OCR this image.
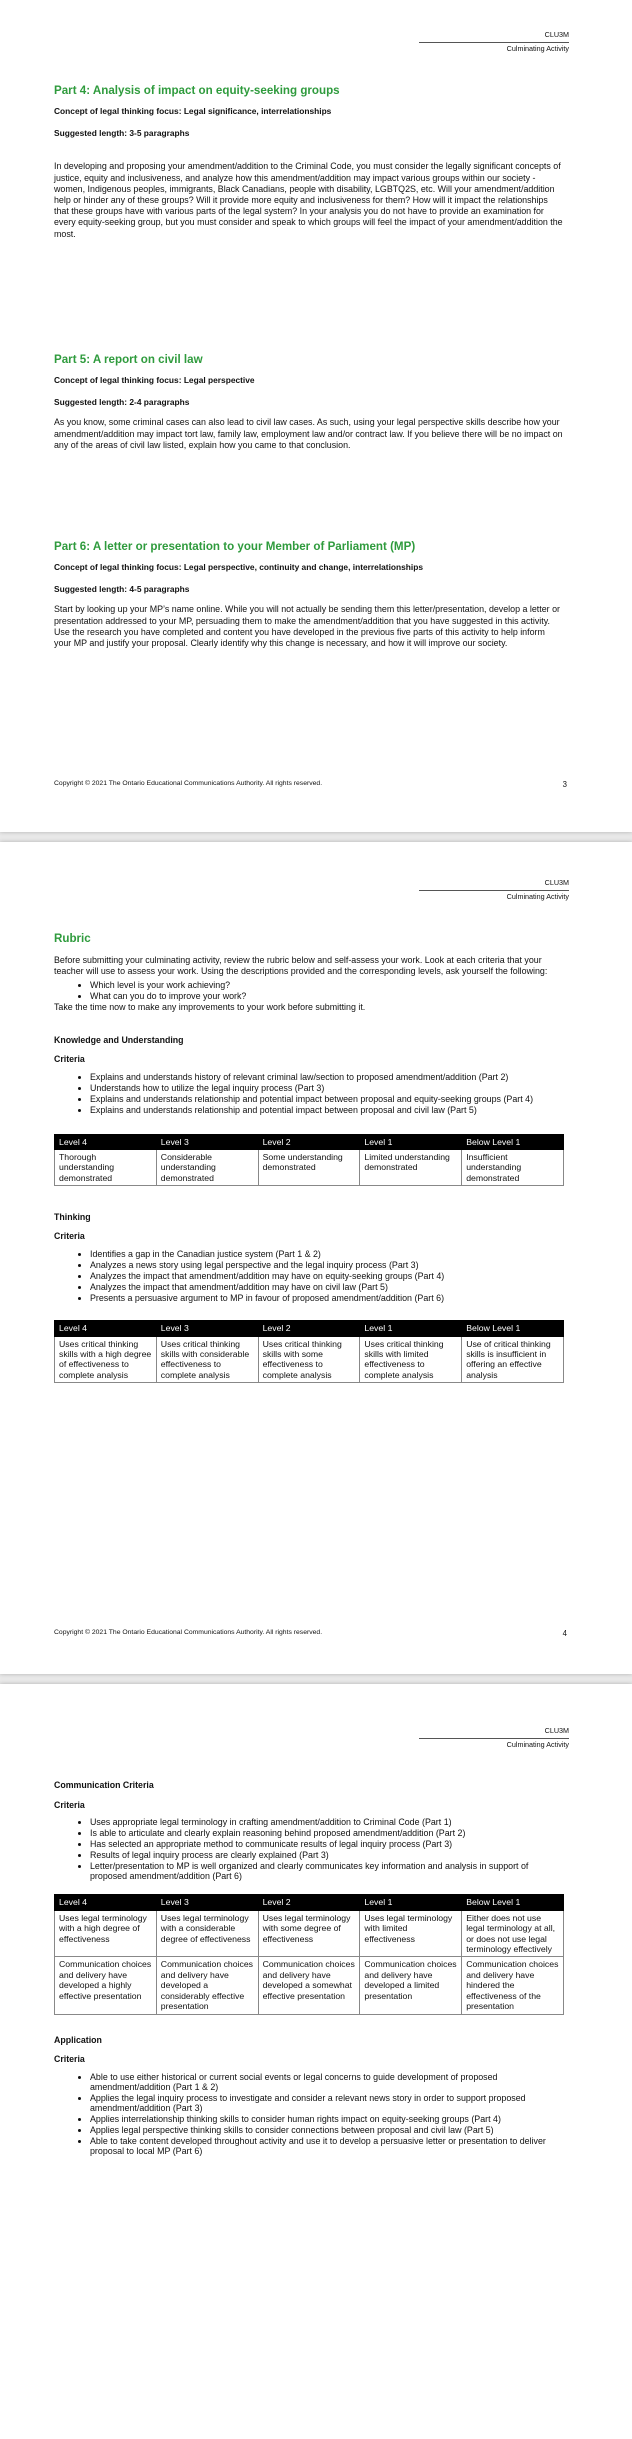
CLU3M
Culminating Activity
Part 4: Analysis of impact on equity-seeking groups

Concept of legal thinking focus: Legal significance, interrelationships

Suggested length: 3-5 paragraphs

In developing and proposing your amendment/addition to the Criminal Code, you must consider the legally significant concepts of justice, equity and inclusiveness, and analyze how this amendment/addition may impact various groups within our society - women, Indigenous peoples, immigrants, Black Canadians, people with disability, LGBTQ2S, etc. Will your amendment/addition help or hinder any of these groups? Will it provide more equity and inclusiveness for them? How will it impact the relationships that these groups have with various parts of the legal system? In your analysis you do not have to provide an examination for every equity-seeking group, but you must consider and speak to which groups will feel the impact of your amendment/addition the most.

Part 5: A report on civil law

Concept of legal thinking focus: Legal perspective

Suggested length: 2-4 paragraphs

As you know, some criminal cases can also lead to civil law cases. As such, using your legal perspective skills describe how your amendment/addition may impact tort law, family law, employment law and/or contract law. If you believe there will be no impact on any of the areas of civil law listed, explain how you came to that conclusion.

Part 6: A letter or presentation to your Member of Parliament (MP)

Concept of legal thinking focus: Legal perspective, continuity and change, interrelationships

Suggested length: 4-5 paragraphs

Start by looking up your MP’s name online. While you will not actually be sending them this letter/presentation, develop a letter or presentation addressed to your MP, persuading them to make the amendment/addition that you have suggested in this activity. Use the research you have completed and content you have developed in the previous five parts of this activity to help inform your MP and justify your proposal. Clearly identify why this change is necessary, and how it will improve our society.

Copyright © 2021 The Ontario Educational Communications Authority. All rights reserved.	3
CLU3M
Culminating Activity
Rubric

Before submitting your culminating activity, review the rubric below and self-assess your work. Look at each criteria that your teacher will use to assess your work. Using the descriptions provided and the corresponding levels, ask yourself the following:

• Which level is your work achieving?
• What can you do to improve your work?

Take the time now to make any improvements to your work before submitting it.

Knowledge and Understanding
Criteria
• Explains and understands history of relevant criminal law/section to proposed amendment/addition (Part 2)
• Understands how to utilize the legal inquiry process (Part 3)
• Explains and understands relationship and potential impact between proposal and equity-seeking groups (Part 4)
• Explains and understands relationship and potential impact between proposal and civil law (Part 5)
Level 4	Level 3	Level 2	Level 1	Below Level 1
Thorough understanding demonstrated	Considerable understanding demonstrated	Some understanding demonstrated	Limited understanding demonstrated	Insufficient understanding demonstrated
Thinking
Criteria
• Identifies a gap in the Canadian justice system (Part 1 & 2)
• Analyzes a news story using legal perspective and the legal inquiry process (Part 3)
• Analyzes the impact that amendment/addition may have on equity-seeking groups (Part 4)
• Analyzes the impact that amendment/addition may have on civil law (Part 5)
• Presents a persuasive argument to MP in favour of proposed amendment/addition (Part 6)
Level 4	Level 3	Level 2	Level 1	Below Level 1
Uses critical thinking skills with a high degree of effectiveness to complete analysis	Uses critical thinking skills with considerable effectiveness to complete analysis	Uses critical thinking skills with some effectiveness to complete analysis	Uses critical thinking skills with limited effectiveness to complete analysis	Use of critical thinking skills is insufficient in offering an effective analysis
Copyright © 2021 The Ontario Educational Communications Authority. All rights reserved.	4
CLU3M
Culminating Activity
Communication Criteria
Criteria
• Uses appropriate legal terminology in crafting amendment/addition to Criminal Code (Part 1)
• Is able to articulate and clearly explain reasoning behind proposed amendment/addition (Part 2)
• Has selected an appropriate method to communicate results of legal inquiry process (Part 3)
• Results of legal inquiry process are clearly explained (Part 3)
• Letter/presentation to MP is well organized and clearly communicates key information and analysis in support of proposed amendment/addition (Part 6)
Level 4	Level 3	Level 2	Level 1	Below Level 1
Uses legal terminology with a high degree of effectiveness	Uses legal terminology with a considerable degree of effectiveness	Uses legal terminology with some degree of effectiveness	Uses legal terminology with limited effectiveness	Either does not use legal terminology at all, or does not use legal terminology effectively
Communication choices and delivery have developed a highly effective presentation	Communication choices and delivery have developed a considerably effective presentation	Communication choices and delivery have developed a somewhat effective presentation	Communication choices and delivery have developed a limited presentation	Communication choices and delivery have hindered the effectiveness of the presentation
Application
Criteria
• Able to use either historical or current social events or legal concerns to guide development of proposed amendment/addition (Part 1 & 2)
• Applies the legal inquiry process to investigate and consider a relevant news story in order to support proposed amendment/addition (Part 3)
• Applies interrelationship thinking skills to consider human rights impact on equity-seeking groups (Part 4)
• Applies legal perspective thinking skills to consider connections between proposal and civil law (Part 5)
• Able to take content developed throughout activity and use it to develop a persuasive letter or presentation to deliver proposal to local MP (Part 6)
